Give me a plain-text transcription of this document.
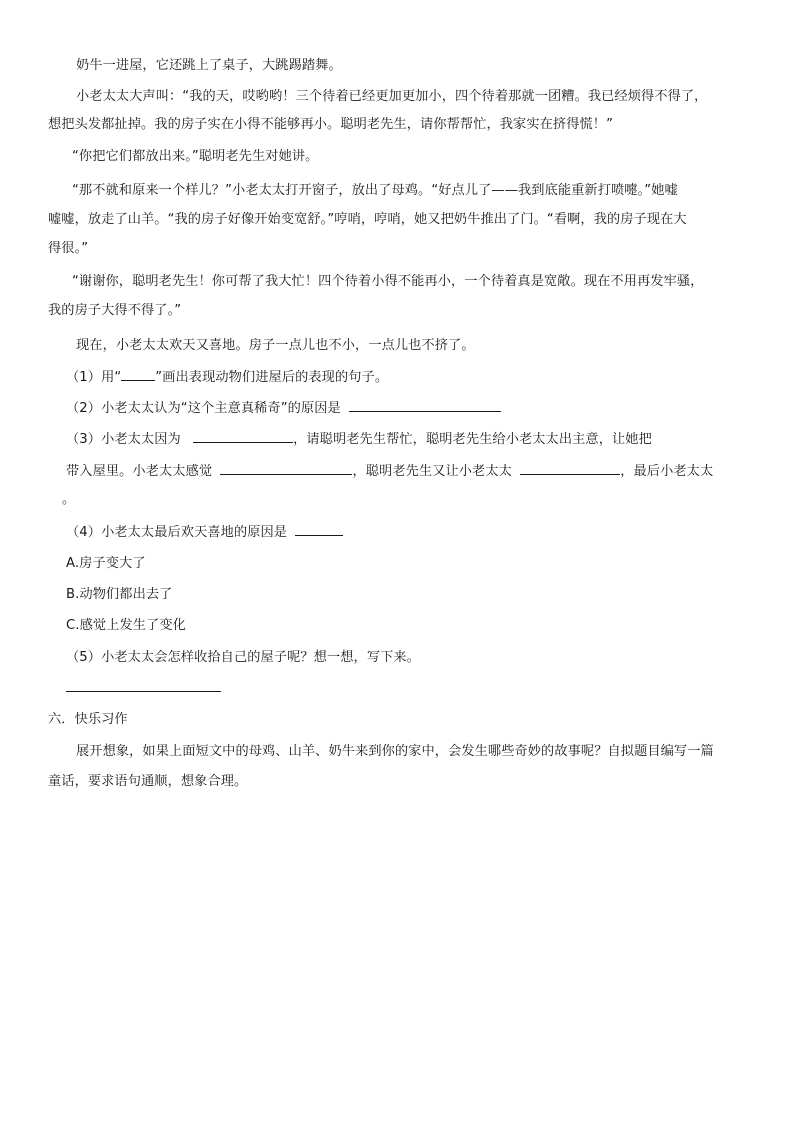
奶牛一进屋，它还跳上了桌子，大跳踢踏舞。
小老太太大声叫：“我的天，哎哟哟！三个待着已经更加更加小，四个待着那就一团糟。我已经烦得不得了，
想把头发都扯掉。我的房子实在小得不能够再小。聪明老先生，请你帮帮忙，我家实在挤得慌！”
“你把它们都放出来。”聪明老先生对她讲。
“那不就和原来一个样儿？”小老太太打开窗子，放出了母鸡。“好点儿了——我到底能重新打喷嚏。”她嘘
嘘嘘，放走了山羊。“我的房子好像开始变宽舒。”哼哨，哼哨，她又把奶牛推出了门。“看啊，我的房子现在大
得很。”
“谢谢你，聪明老先生！你可帮了我大忙！四个待着小得不能再小，一个待着真是宽敞。现在不用再发牢骚，
我的房子大得不得了。”
现在，小老太太欢天又喜地。房子一点儿也不小，一点儿也不挤了。
（1）用“	”画出表现动物们进屋后的表现的句子。
（2）小老太太认为“这个主意真稀奇”的原因是
（3）小老太太因为	，请聪明老先生帮忙，聪明老先生给小老太太出主意，让她把
带入屋里。小老太太感觉	，聪明老先生又让小老太太	，最后小老太太
。
（4）小老太太最后欢天喜地的原因是
A.房子变大了
B.动物们都出去了
C.感觉上发生了变化
（5）小老太太会怎样收拾自己的屋子呢？想一想，写下来。
六．快乐习作
展开想象，如果上面短文中的母鸡、山羊、奶牛来到你的家中，会发生哪些奇妙的故事呢？自拟题目编写一篇
童话，要求语句通顺，想象合理。
